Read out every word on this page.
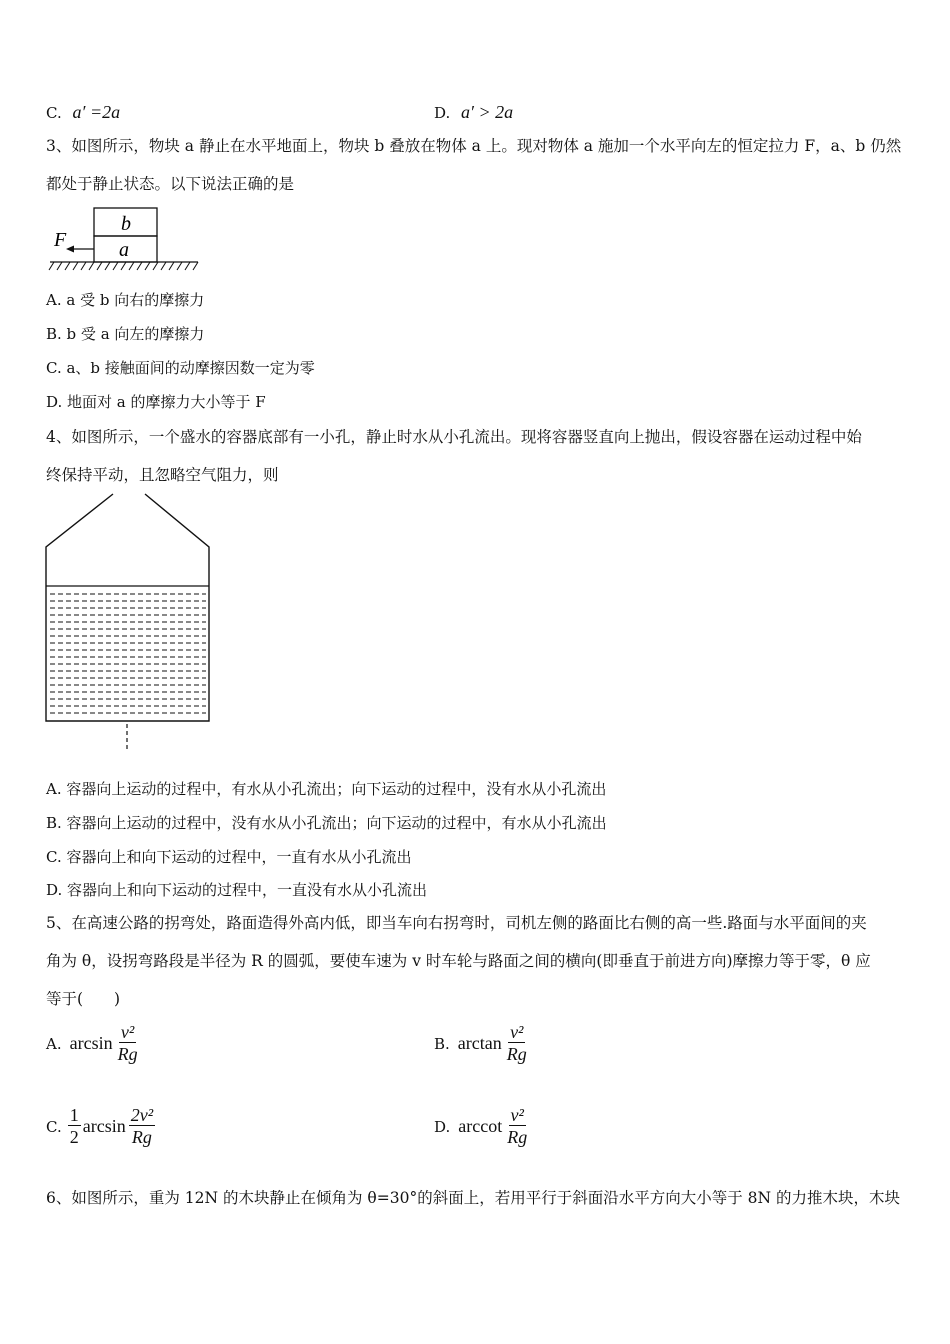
C. a′ =2a	D. a′ > 2a
3、如图所示，物块 a 静止在水平地面上，物块 b 叠放在物体 a 上。现对物体 a 施加一个水平向左的恒定拉力 F，a、b 仍然
都处于静止状态。以下说法正确的是
b
a
F
A. a 受 b 向右的摩擦力
B. b 受 a 向左的摩擦力
C. a、b 接触面间的动摩擦因数一定为零
D. 地面对 a 的摩擦力大小等于 F
4、如图所示，一个盛水的容器底部有一小孔，静止时水从小孔流出。现将容器竖直向上抛出，假设容器在运动过程中始
终保持平动，且忽略空气阻力，则
A. 容器向上运动的过程中，有水从小孔流出；向下运动的过程中，没有水从小孔流出
B. 容器向上运动的过程中，没有水从小孔流出；向下运动的过程中，有水从小孔流出
C. 容器向上和向下运动的过程中，一直有水从小孔流出
D. 容器向上和向下运动的过程中，一直没有水从小孔流出
5、在高速公路的拐弯处，路面造得外高内低，即当车向右拐弯时，司机左侧的路面比右侧的高一些.路面与水平面间的夹
角为 θ，设拐弯路段是半径为 R 的圆弧，要使车速为 v 时车轮与路面之间的横向(即垂直于前进方向)摩擦力等于零，θ 应
等于(　　)
A. $\arcsin \frac{\text{v²}}{Rg}$	B. $\arctan \frac{\text{v²}}{Rg}$
C. $\frac{1}{2}$ $\arcsin \frac{\text{2v²}}{Rg}$	D. arccot $\frac{\text{v²}}{Rg}$
6、如图所示，重为 12N 的木块静止在倾角为 θ=30°的斜面上，若用平行于斜面沿水平方向大小等于 8N 的力推木块，木块
